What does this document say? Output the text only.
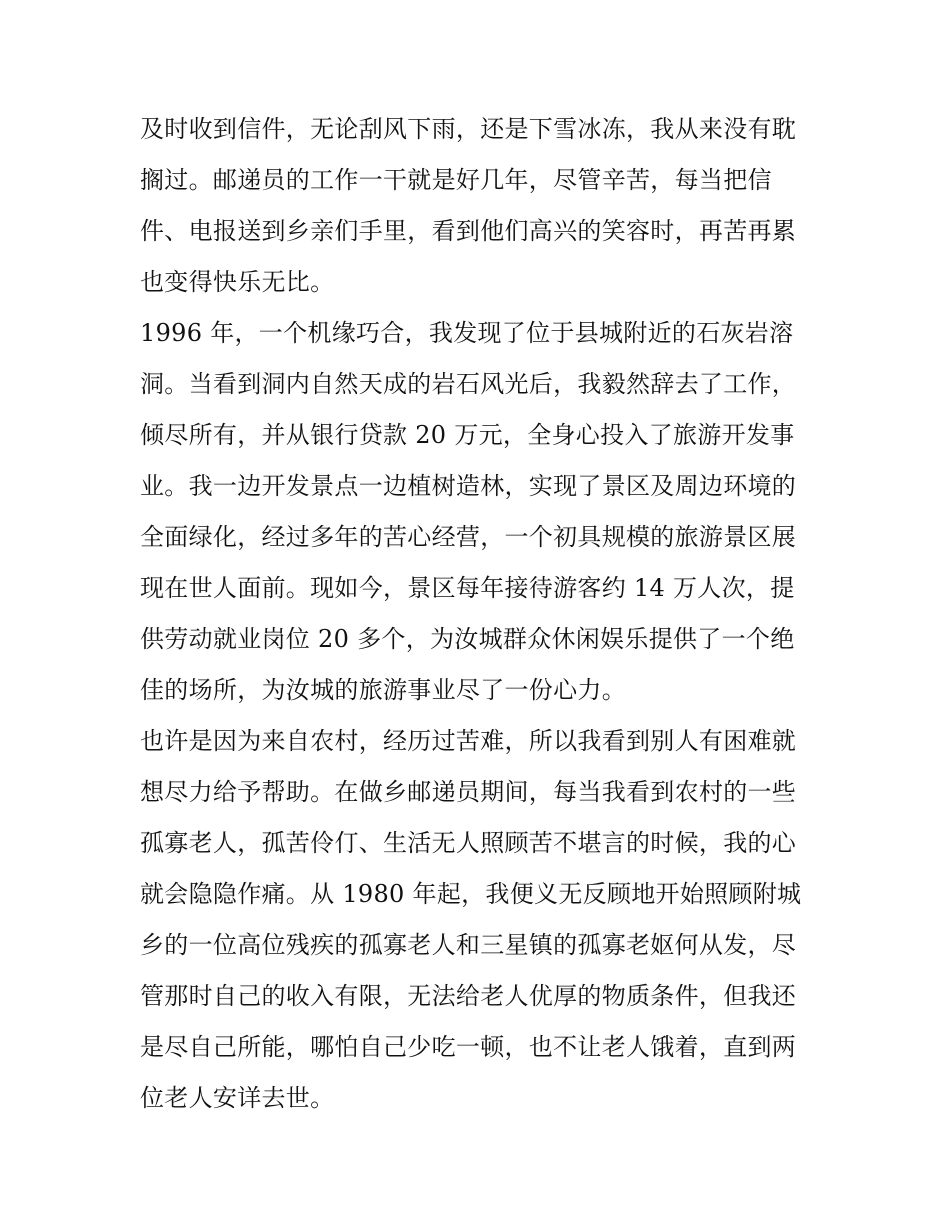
及时收到信件，无论刮风下雨，还是下雪冰冻，我从来没有耽
搁过。邮递员的工作一干就是好几年，尽管辛苦，每当把信
件、电报送到乡亲们手里，看到他们高兴的笑容时，再苦再累
也变得快乐无比。
1996 年，一个机缘巧合，我发现了位于县城附近的石灰岩溶
洞。当看到洞内自然天成的岩石风光后，我毅然辞去了工作，
倾尽所有，并从银行贷款 20 万元，全身心投入了旅游开发事
业。我一边开发景点一边植树造林，实现了景区及周边环境的
全面绿化，经过多年的苦心经营，一个初具规模的旅游景区展
现在世人面前。现如今，景区每年接待游客约 14 万人次，提
供劳动就业岗位 20 多个，为汝城群众休闲娱乐提供了一个绝
佳的场所，为汝城的旅游事业尽了一份心力。
也许是因为来自农村，经历过苦难，所以我看到别人有困难就
想尽力给予帮助。在做乡邮递员期间，每当我看到农村的一些
孤寡老人，孤苦伶仃、生活无人照顾苦不堪言的时候，我的心
就会隐隐作痛。从 1980 年起，我便义无反顾地开始照顾附城
乡的一位高位残疾的孤寡老人和三星镇的孤寡老妪何从发，尽
管那时自己的收入有限，无法给老人优厚的物质条件，但我还
是尽自己所能，哪怕自己少吃一顿，也不让老人饿着，直到两
位老人安详去世。
